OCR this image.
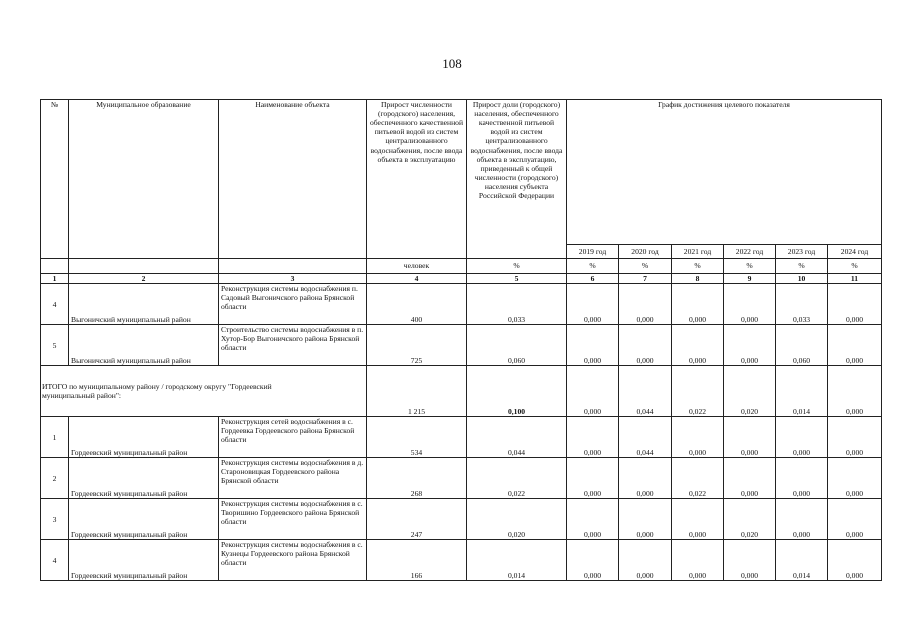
108
№	Муниципальное образование	Наименование объекта	Прирост численности (городского) населения, обеспеченного качественной питьевой водой из систем централизованного водоснабжения, после ввода объекта в эксплуатацию	Прирост доли (городского) населения, обеспеченного качественной питьевой водой из систем централизованного водоснабжения, после ввода объекта в эксплуатацию, приведенный к общей численности (городского) населения субъекта Российской Федерации	График достижения целевого показателя					
					2019 год	2020 год	2021 год	2022 год	2023 год	2024 год
			человек	%	%	%	%	%	%	%
1	2	3	4	5	6	7	8	9	10	11
4	Выгоничский муниципальный район	Реконструкция системы водоснабжения п. Садовый Выгоничского района Брянской области	400	0,033	0,000	0,000	0,000	0,000	0,033	0,000
5	Выгоничский муниципальный район	Строительство системы водоснабжения в п. Хутор-Бор Выгоничского района Брянской области	725	0,060	0,000	0,000	0,000	0,000	0,060	0,000

ИТОГО по муниципальному району / городскому округу "Гордеевский
муниципальный район":			1 215	0,100	0,000	0,044	0,022	0,020	0,014	0,000
1	Гордеевский муниципальный район	Реконструкция сетей водоснабжения в с. Гордеевка Гордеевского района Брянской области	534	0,044	0,000	0,044	0,000	0,000	0,000	0,000
2	Гордеевский муниципальный район	Реконструкция системы водоснабжения в д. Староновицкая Гордеевского района Брянской области	268	0,022	0,000	0,000	0,022	0,000	0,000	0,000
3	Гордеевский муниципальный район	Реконструкция системы водоснабжения в с. Творишино Гордеевского района Брянской области	247	0,020	0,000	0,000	0,000	0,020	0,000	0,000
4	Гордеевский муниципальный район	Реконструкция системы водоснабжения в с. Кузнецы Гордеевского района Брянской области	166	0,014	0,000	0,000	0,000	0,000	0,014	0,000
